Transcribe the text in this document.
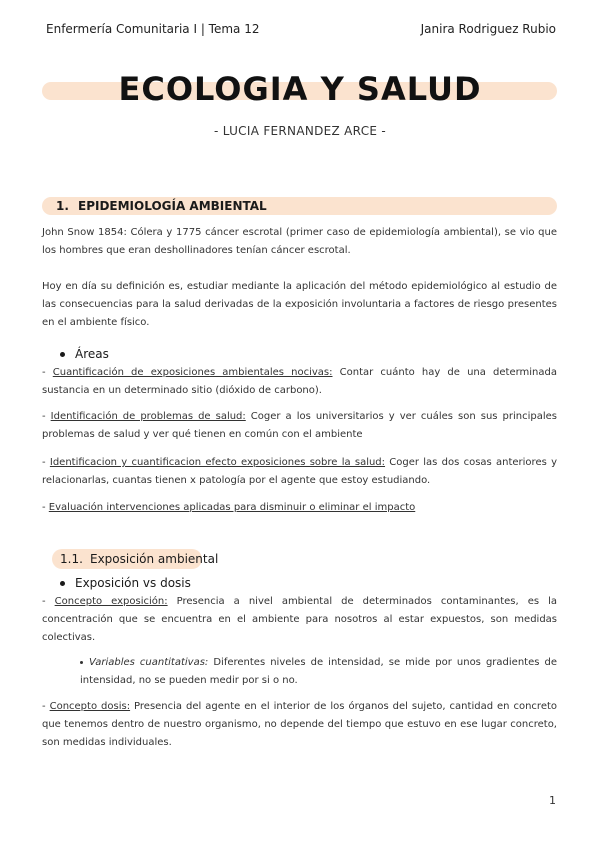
Enfermería Comunitaria I | Tema 12	Janira Rodriguez Rubio
ECOLOGIA Y SALUD
- LUCIA FERNANDEZ ARCE -
1. EPIDEMIOLOGÍA AMBIENTAL
John Snow 1854: Cólera y 1775 cáncer escrotal (primer caso de epidemiología ambiental), se vio que los hombres que eran deshollinadores tenían cáncer escrotal.
Hoy en día su definición es, estudiar mediante la aplicación del método epidemiológico al estudio de las consecuencias para la salud derivadas de la exposición involuntaria a factores de riesgo presentes en el ambiente físico.
Áreas
- Cuantificación de exposiciones ambientales nocivas: Contar cuánto hay de una determinada sustancia en un determinado sitio (dióxido de carbono).
- Identificación de problemas de salud: Coger a los universitarios y ver cuáles son sus principales problemas de salud y ver qué tienen en común con el ambiente
- Identificacion y cuantificacion efecto exposiciones sobre la salud: Coger las dos cosas anteriores y relacionarlas, cuantas tienen x patología por el agente que estoy estudiando.
- Evaluación intervenciones aplicadas para disminuir o eliminar el impacto
1.1. Exposición ambiental
Exposición vs dosis
- Concepto exposición: Presencia a nivel ambiental de determinados contaminantes, es la concentración que se encuentra en el ambiente para nosotros al estar expuestos, son medidas colectivas.
Variables cuantitativas: Diferentes niveles de intensidad, se mide por unos gradientes de intensidad, no se pueden medir por si o no.
- Concepto dosis: Presencia del agente en el interior de los órganos del sujeto, cantidad en concreto que tenemos dentro de nuestro organismo, no depende del tiempo que estuvo en ese lugar concreto, son medidas individuales.
1
